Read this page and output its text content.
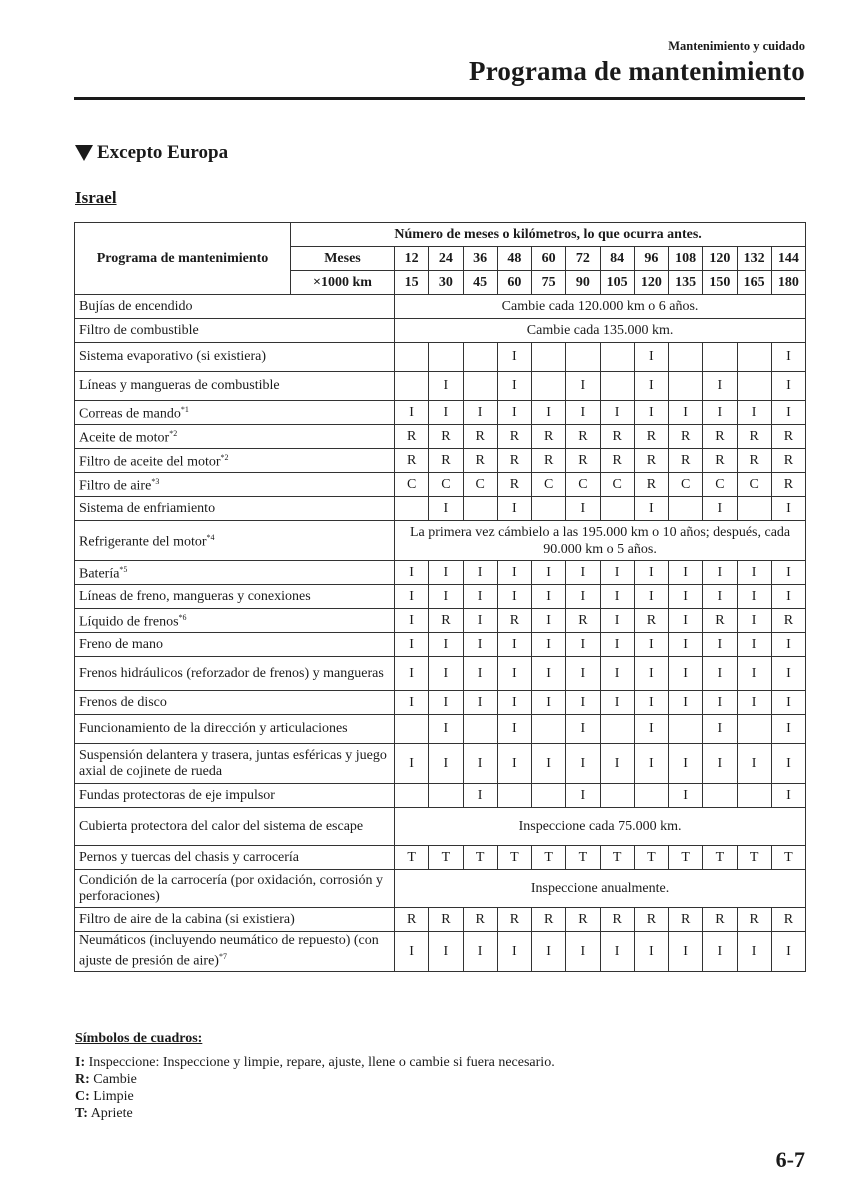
Mantenimiento y cuidado
Programa de mantenimiento
Excepto Europa
Israel
Programa de mantenimiento	Número de meses o kilómetros, lo que ocurra antes.												
	Meses	12	24	36	48	60	72	84	96	108	120	132	144
	×1000 km	15	30	45	60	75	90	105	120	135	150	165	180
Bujías de encendido		Cambie cada 120.000 km o 6 años.											
Filtro de combustible		Cambie cada 135.000 km.											
Sistema evaporativo (si existiera)					I				I				I
Líneas y mangueras de combustible			I		I		I		I		I		I
Correas de mando$^{*1}$		I	I	I	I	I	I	I	I	I	I	I	I
Aceite de motor$^{*2}$		R	R	R	R	R	R	R	R	R	R	R	R
Filtro de aceite del motor$^{*2}$		R	R	R	R	R	R	R	R	R	R	R	R
Filtro de aire$^{*3}$		C	C	C	R	C	C	C	R	C	C	C	R
Sistema de enfriamiento			I		I		I		I		I		I
Refrigerante del motor$^{*4}$		La primera vez cámbielo a las 195.000 km o 10 años; después, cada 90.000 km o 5 años.											
Batería$^{*5}$		I	I	I	I	I	I	I	I	I	I	I	I
Líneas de freno, mangueras y conexiones		I	I	I	I	I	I	I	I	I	I	I	I
Líquido de frenos$^{*6}$		I	R	I	R	I	R	I	R	I	R	I	R
Freno de mano		I	I	I	I	I	I	I	I	I	I	I	I
Frenos hidráulicos (reforzador de frenos) y mangueras		I	I	I	I	I	I	I	I	I	I	I	I
Frenos de disco		I	I	I	I	I	I	I	I	I	I	I	I
Funcionamiento de la dirección y articulaciones			I		I		I		I		I		I
Suspensión delantera y trasera, juntas esféricas y juego axial de cojinete de rueda		I	I	I	I	I	I	I	I	I	I	I	I
Fundas protectoras de eje impulsor				I			I			I			I
Cubierta protectora del calor del sistema de escape		Inspeccione cada 75.000 km.											
Pernos y tuercas del chasis y carrocería		T	T	T	T	T	T	T	T	T	T	T	T
Condición de la carrocería (por oxidación, corrosión y perforaciones)		Inspeccione anualmente.											
Filtro de aire de la cabina (si existiera)		R	R	R	R	R	R	R	R	R	R	R	R
Neumáticos (incluyendo neumático de repuesto) (con ajuste de presión de aire)$^{*7}$		I	I	I	I	I	I	I	I	I	I	I	I
Símbolos de cuadros:
I: Inspeccione: Inspeccione y limpie, repare, ajuste, llene o cambie si fuera necesario.
R: Cambie
C: Limpie
T: Apriete
6-7
